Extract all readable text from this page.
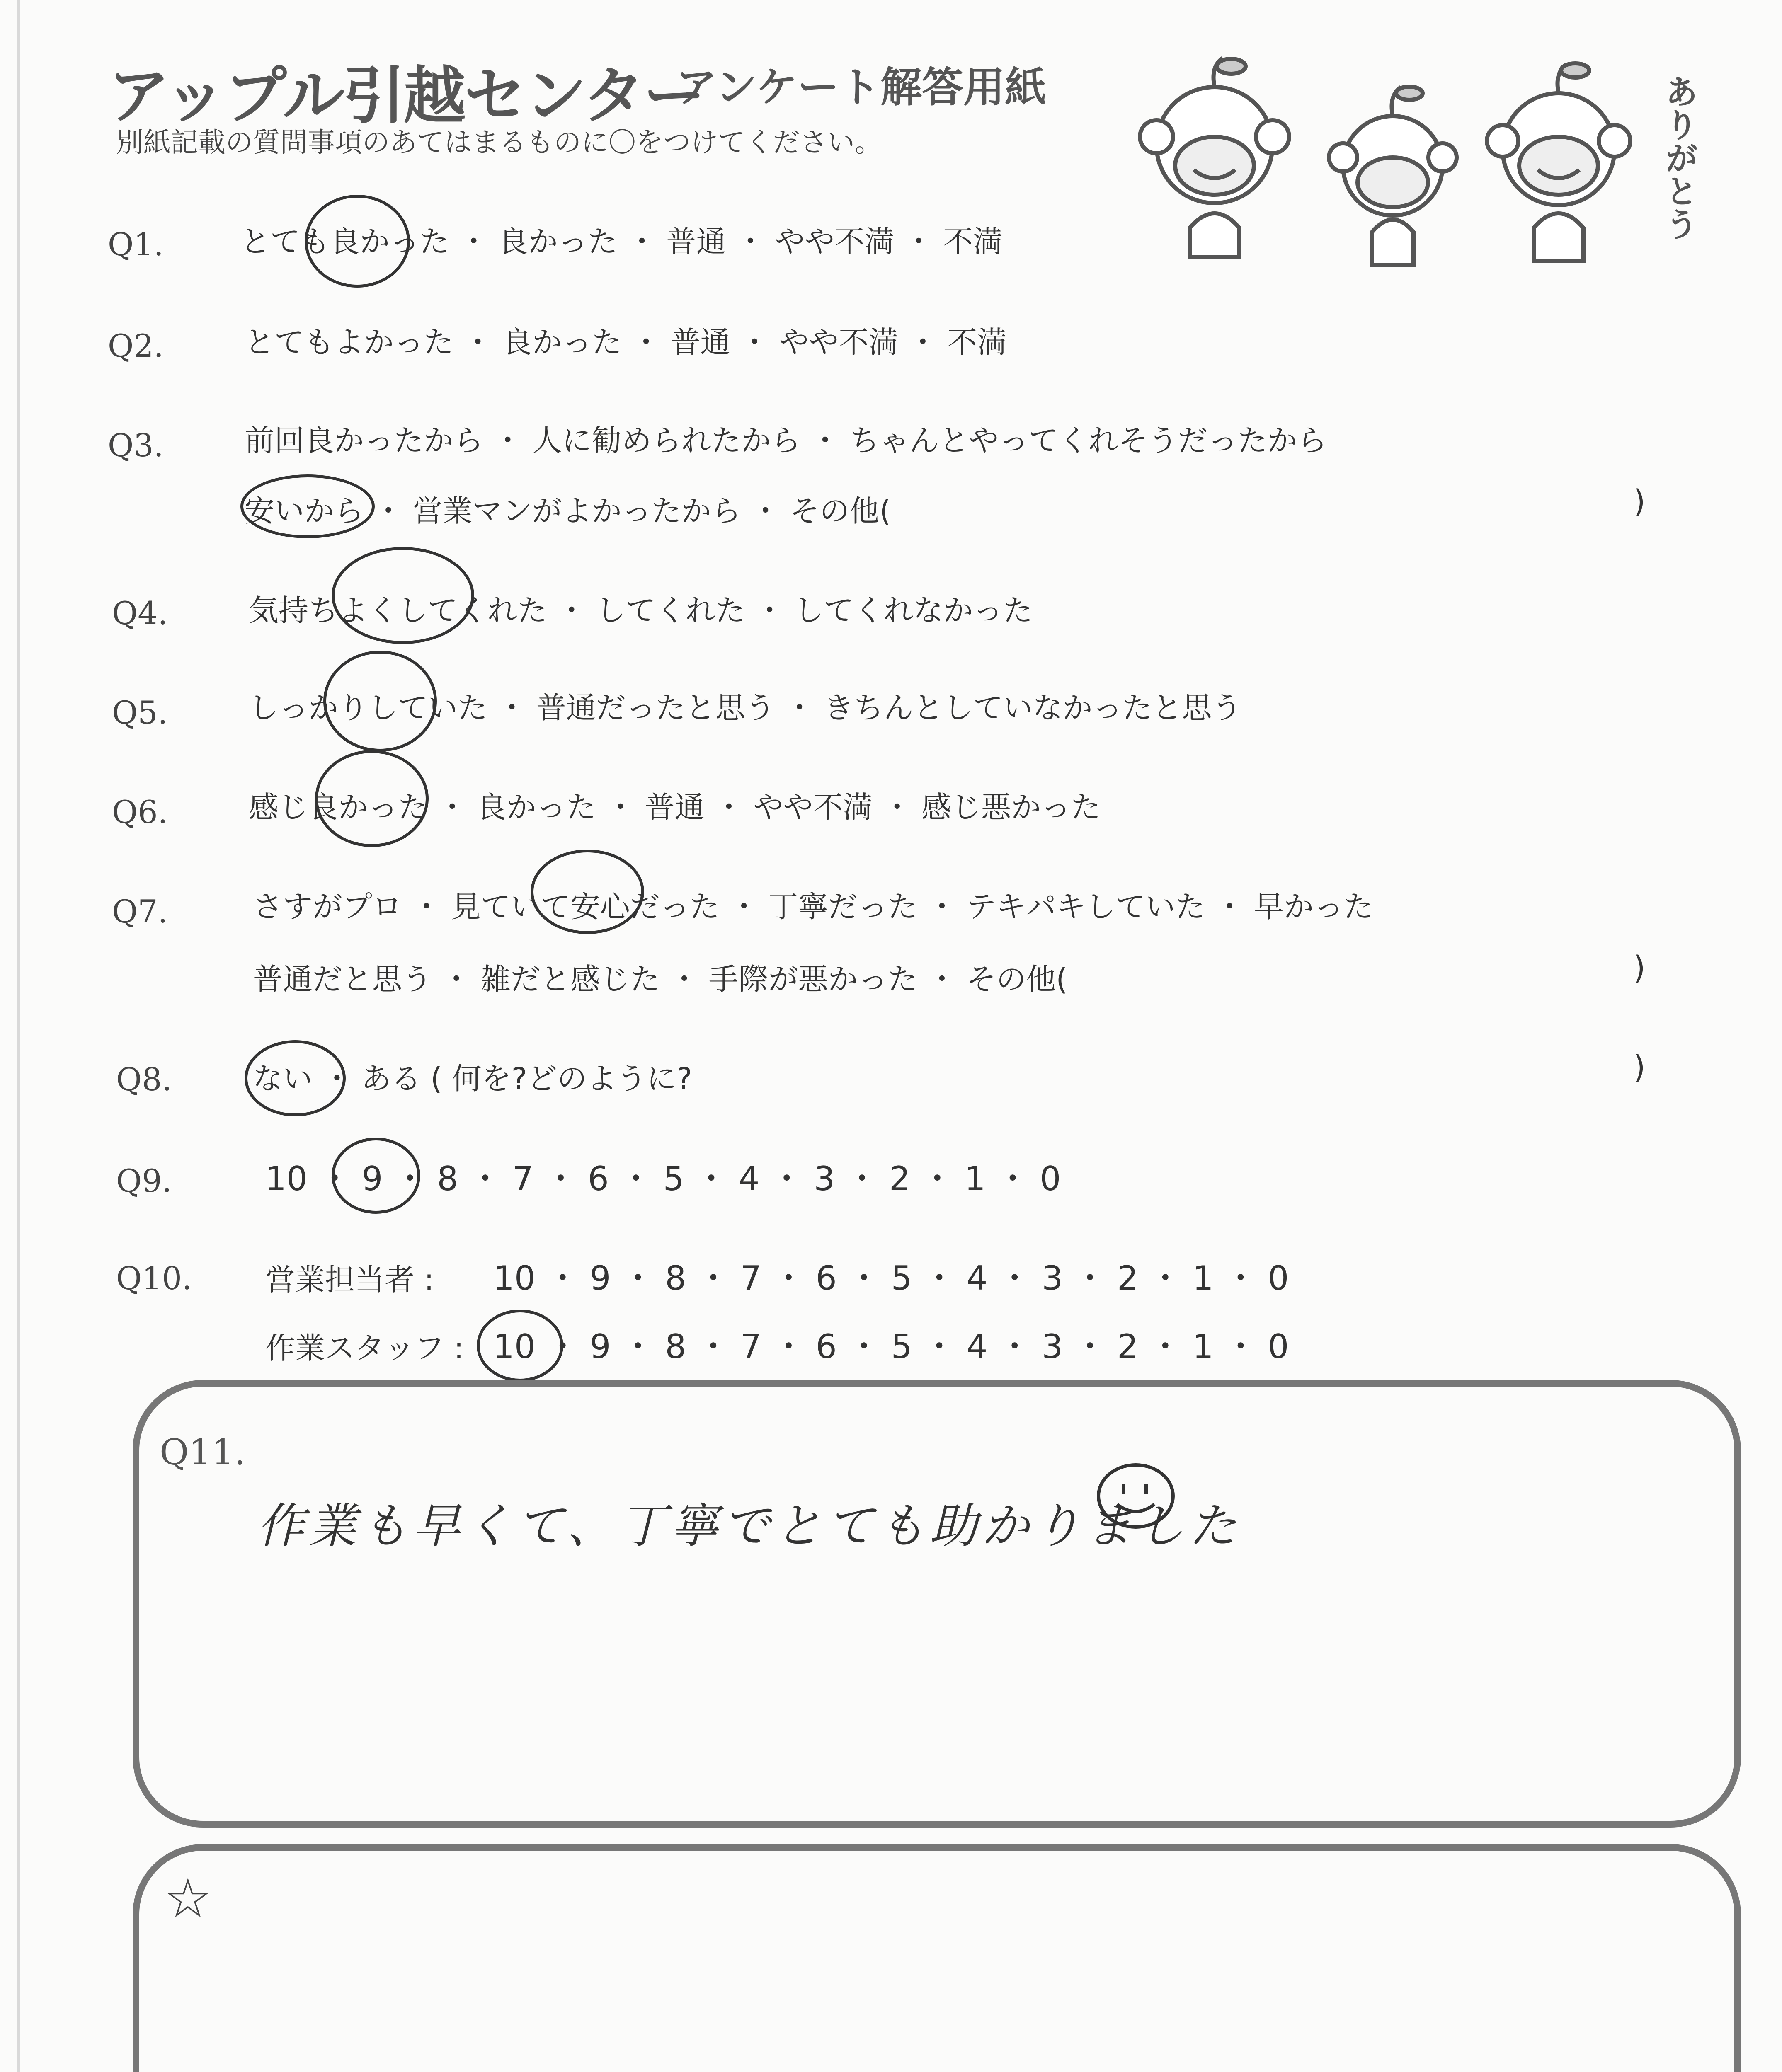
アップル引越センター
アンケート解答用紙
別紙記載の質問事項のあてはまるものに〇をつけてください。	ありがとう
Q1.	とても良かった ・ 良かった ・ 普通 ・ やや不満 ・ 不満
Q2.	とてもよかった ・ 良かった ・ 普通 ・ やや不満 ・ 不満
Q3.	前回良かったから ・ 人に勧められたから ・ ちゃんとやってくれそうだったから
安いから ・ 営業マンがよかったから ・ その他(	)
Q4.	気持ちよくしてくれた ・ してくれた ・ してくれなかった
Q5.	しっかりしていた ・ 普通だったと思う ・ きちんとしていなかったと思う
Q6.	感じ良かった ・ 良かった ・ 普通 ・ やや不満 ・ 感じ悪かった
Q7.	さすがプロ ・ 見ていて安心だった ・ 丁寧だった ・ テキパキしていた ・ 早かった
普通だと思う ・ 雑だと感じた ・ 手際が悪かった ・ その他(	)
Q8.	ない ・ ある ( 何を?どのように?	)
Q9.	10 ・ 9 ・ 8 ・ 7 ・ 6 ・ 5 ・ 4 ・ 3 ・ 2 ・ 1 ・ 0
Q10. 営業担当者 : 10 ・ 9 ・ 8 ・ 7 ・ 6 ・ 5 ・ 4 ・ 3 ・ 2 ・ 1 ・ 0
作業スタッフ : 10 ・ 9 ・ 8 ・ 7 ・ 6 ・ 5 ・ 4 ・ 3 ・ 2 ・ 1 ・ 0
Q11.
作業も早くて、丁寧でとても助かりました
☆
